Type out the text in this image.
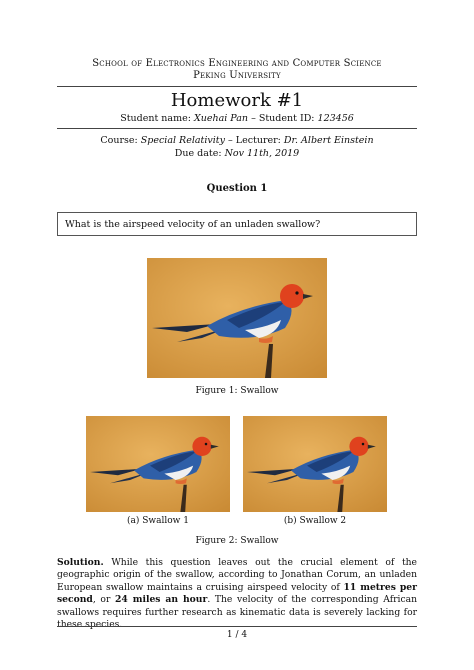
School of Electronics Engineering and Computer Science
Peking University
Homework #1
Student name: Xuehai Pan – Student ID: 123456
Course: Special Relativity – Lecturer: Dr. Albert Einstein
Due date: Nov 11th, 2019
Question 1
What is the airspeed velocity of an unladen swallow?
Figure 1: Swallow
(a) Swallow 1	(b) Swallow 2
Figure 2: Swallow
Solution. While this question leaves out the crucial element of the geographic origin of the swallow, according to Jonathan Corum, an unladen European swallow maintains a cruising airspeed velocity of 11 metres per second, or 24 miles an hour. The velocity of the corresponding African swallows requires further research as kinematic data is severely lacking for these species.
1 / 4
